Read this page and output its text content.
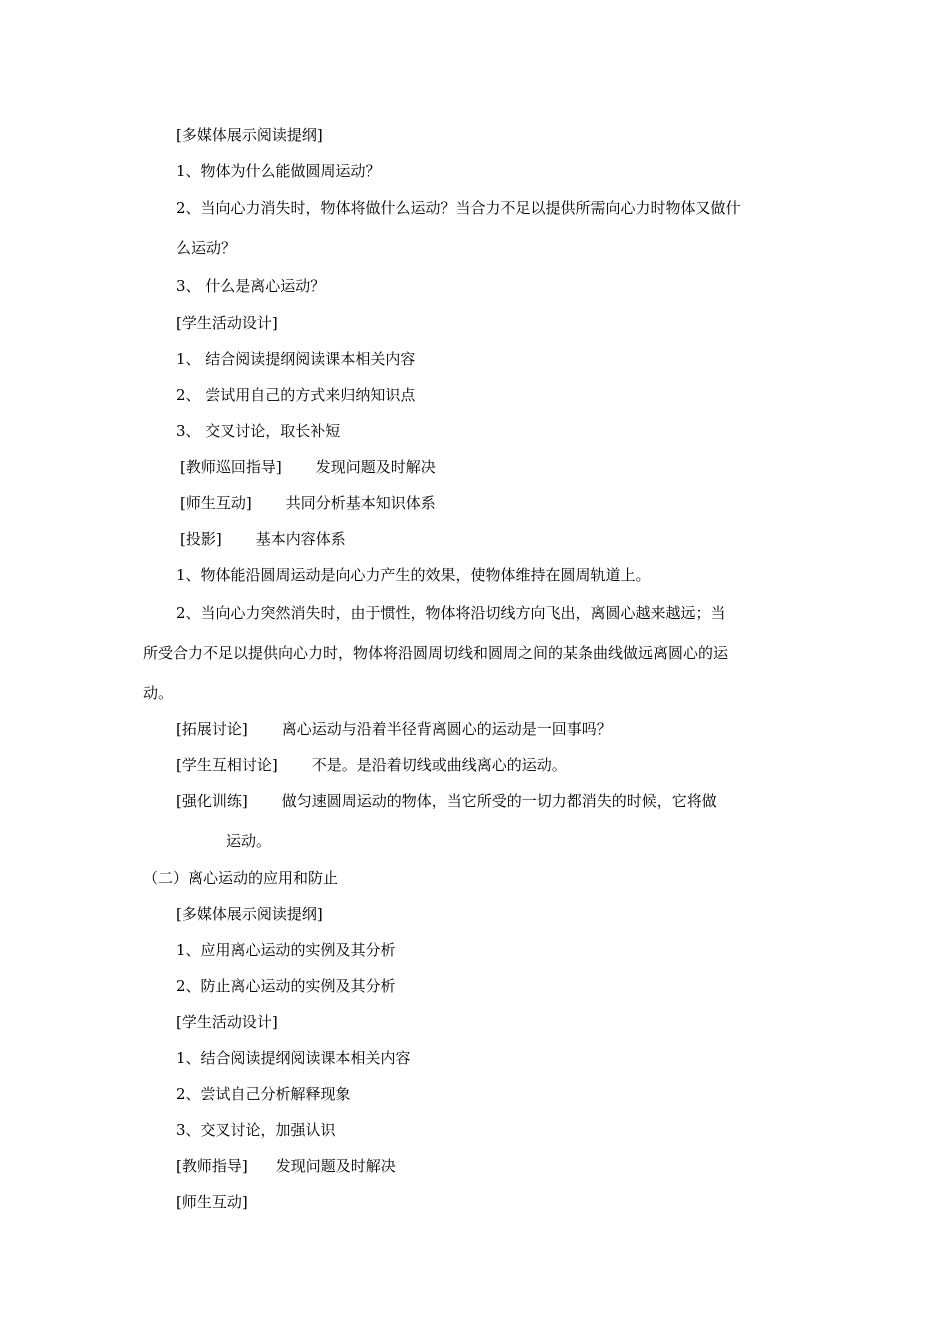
[多媒体展示阅读提纲]
1、物体为什么能做圆周运动？
2、当向心力消失时，物体将做什么运动？当合力不足以提供所需向心力时物体又做什
么运动？
3、 什么是离心运动？
[学生活动设计]
1、 结合阅读提纲阅读课本相关内容
2、 尝试用自己的方式来归纳知识点
3、 交叉讨论，取长补短
[教师巡回指导] 发现问题及时解决
[师生互动] 共同分析基本知识体系
[投影] 基本内容体系
1、物体能沿圆周运动是向心力产生的效果，使物体维持在圆周轨道上。
2、当向心力突然消失时，由于惯性，物体将沿切线方向飞出，离圆心越来越远；当
所受合力不足以提供向心力时，物体将沿圆周切线和圆周之间的某条曲线做远离圆心的运
动。
[拓展讨论] 离心运动与沿着半径背离圆心的运动是一回事吗？
[学生互相讨论] 不是。是沿着切线或曲线离心的运动。
[强化训练] 做匀速圆周运动的物体，当它所受的一切力都消失的时候，它将做
运动。
（二）离心运动的应用和防止
[多媒体展示阅读提纲]
1、应用离心运动的实例及其分析
2、防止离心运动的实例及其分析
[学生活动设计]
1、结合阅读提纲阅读课本相关内容
2、尝试自己分析解释现象
3、交叉讨论，加强认识
[教师指导] 发现问题及时解决
[师生互动]
